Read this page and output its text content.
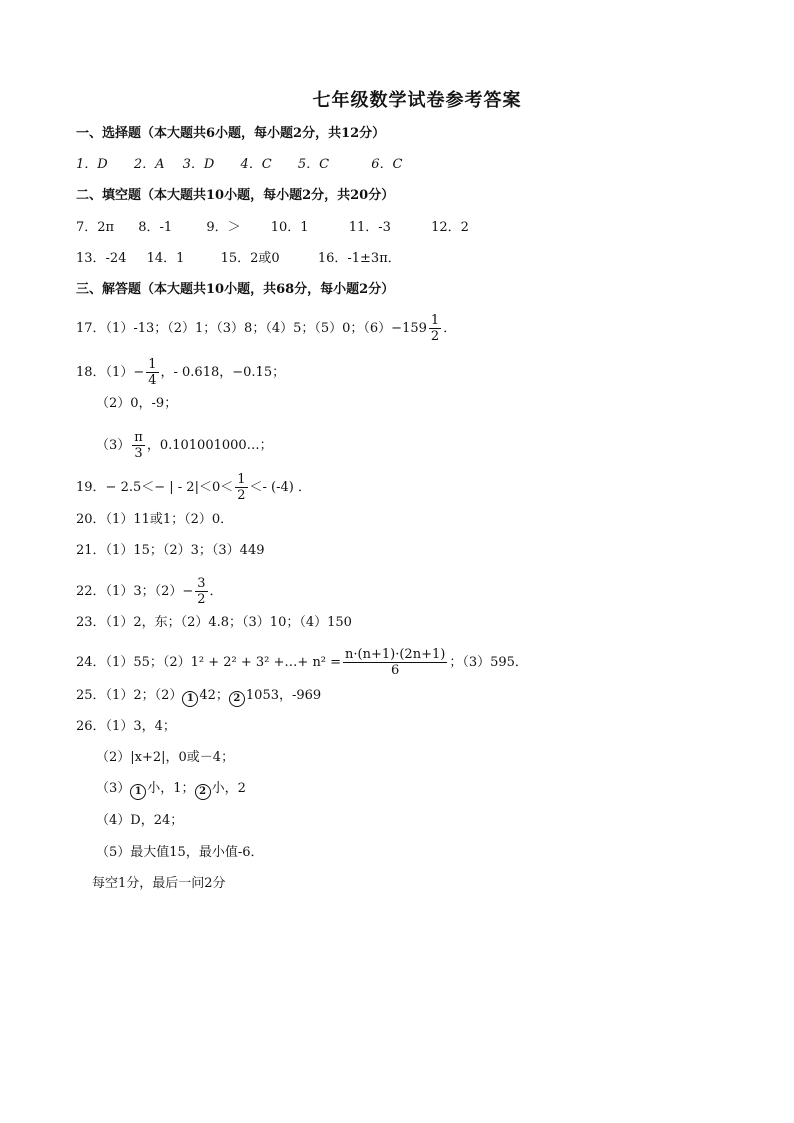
七年级数学试卷参考答案
一、选择题（本大题共6小题，每小题2分，共12分）
1．D 2．A 3．D 4．C 5．C	6．C
二、填空题（本大题共10小题，每小题2分，共20分）
7．2π 8．-1	9．＞ 10．1	11．-3	12．2
13．-24 14．1	15．2或0	16．-1±3π．
三、解答题（本大题共10小题，共68分，每小题2分）
17．（1）-13；（2）1；（3）8；（4）5；（5）0；$(6)-159 \frac{1}{2}$ ．
18．$(1)- \frac{1}{4}$ ，- 0.618，−0.․ 15；
（2）0，-9；
$(3) \frac{\pi}{3}$ ，0.101001000…；
19．− 2.5＜− | - $2|<0< \frac{1}{2} <- (-4)$ ．
20．（1）11或1；（2）0．
21．（1）15；（2）3；（3）449
22．（1）3；$(2)- \frac{3}{2}$ ．
23．（1）2，东；（2）4.8；（3）10；（4）150
24．（1）55；（2）1² + 2² + 3² +…+ $n^2 = \frac{n\cdot(n+1)\cdot(2n+1)}{6}$ ；（3）595．
25．（1）2；（2） 1 42； 2 1053，-969
26．（1）3，4；
（2）|x+2|，0或－4；
（3） 1 小，1； 2 小，2
（4）D，24；
（5）最大值15，最小值-6．
每空1分，最后一问2分
